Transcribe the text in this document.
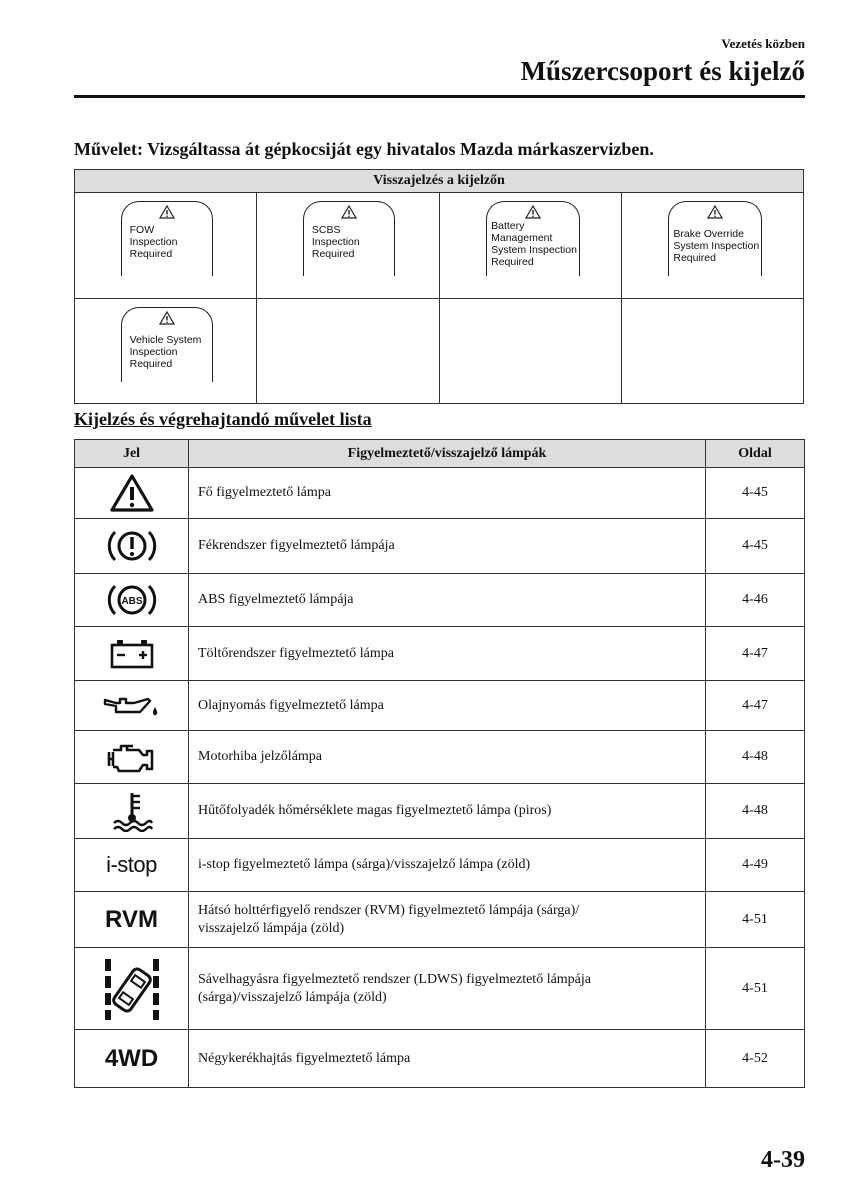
Vezetés közben
Műszercsoport és kijelző
Művelet: Vizsgáltassa át gépkocsiját egy hivatalos Mazda márkaszervizben.
Visszajelzés a kijelzőn			

FOW
Inspection
Required	SCBS
Inspection
Required	Battery
Management
System Inspection
Required	Brake Override
System Inspection
Required

Vehicle System
Inspection
Required			

Kijelzés és végrehajtandó művelet lista
Jel	Figyelmeztető/visszajelző lámpák	Oldal

	Fő figyelmeztető lámpa	4-45

	Fékrendszer figyelmeztető lámpája	4-45

ABS	ABS figyelmeztető lámpája	4-46

	Töltőrendszer figyelmeztető lámpa	4-47

	Olajnyomás figyelmeztető lámpa	4-47

	Motorhiba jelzőlámpa	4-48

	Hűtőfolyadék hőmérséklete magas figyelmeztető lámpa (piros)	4-48
i-stop	i-stop figyelmeztető lámpa (sárga)/visszajelző lámpa (zöld)	4-49
RVM	Hátsó holttérfigyelő rendszer (RVM) figyelmeztető lámpája (sárga)/
visszajelző lámpája (zöld)	4-51

	Sávelhagyásra figyelmeztető rendszer (LDWS) figyelmeztető lámpája
(sárga)/visszajelző lámpája (zöld)	4-51
4WD	Négykerékhajtás figyelmeztető lámpa	4-52
4-39
